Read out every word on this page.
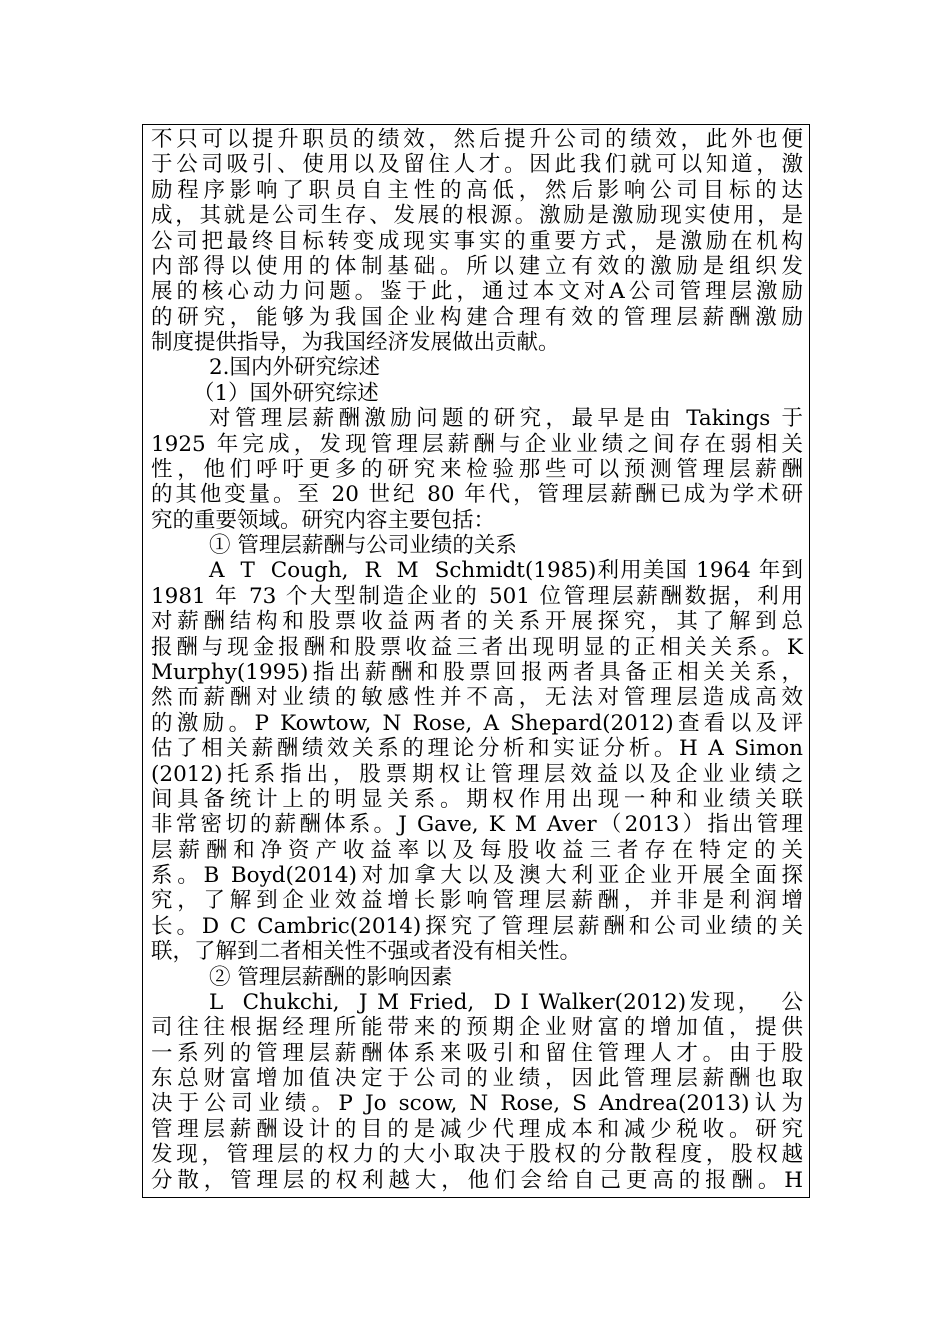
不只可以提升职员的绩效，然后提升公司的绩效，此外也便
于公司吸引、使用以及留住人才。因此我们就可以知道，激
励程序影响了职员自主性的高低，然后影响公司目标的达
成，其就是公司生存、发展的根源。激励是激励现实使用，是
公司把最终目标转变成现实事实的重要方式，是激励在机构
内部得以使用的体制基础。所以建立有效的激励是组织发
展的核心动力问题。鉴于此，通过本文对A公司管理层激励
的研究，能够为我国企业构建合理有效的管理层薪酬激励
制度提供指导，为我国经济发展做出贡献。
2.国内外研究综述
（1）国外研究综述
对管理层薪酬激励问题的研究，最早是由 Takings 于
1925 年完成，发现管理层薪酬与企业业绩之间存在弱相关
性，他们呼吁更多的研究来检验那些可以预测管理层薪酬
的其他变量。至 20 世纪 80 年代，管理层薪酬已成为学术研
究的重要领域。研究内容主要包括：
① 管理层薪酬与公司业绩的关系
A  T  Cough,  R  M  Schmidt(1985)利用美国 1964 年到
1981 年 73 个大型制造企业的 501 位管理层薪酬数据，利用
对薪酬结构和股票收益两者的关系开展探究，其了解到总
报酬与现金报酬和股票收益三者出现明显的正相关关系。K
Murphy(1995)指出薪酬和股票回报两者具备正相关关系，
然而薪酬对业绩的敏感性并不高，无法对管理层造成高效
的激励。P Kowtow, N Rose, A Shepard(2012)查看以及评
估了相关薪酬绩效关系的理论分析和实证分析。H A Simon
(2012)托系指出，股票期权让管理层效益以及企业业绩之
间具备统计上的明显关系。期权作用出现一种和业绩关联
非常密切的薪酬体系。J Gave, K M Aver（2013）指出管理
层薪酬和净资产收益率以及每股收益三者存在特定的关
系。B Boyd(2014)对加拿大以及澳大利亚企业开展全面探
究，了解到企业效益增长影响管理层薪酬，并非是利润增
长。D C Cambric(2014)探究了管理层薪酬和公司业绩的关
联，了解到二者相关性不强或者没有相关性。
② 管理层薪酬的影响因素
L  Chukchi,  J M Fried,  D I Walker(2012)发现，  公
司往往根据经理所能带来的预期企业财富的增加值，提供
一系列的管理层薪酬体系来吸引和留住管理人才。由于股
东总财富增加值决定于公司的业绩，因此管理层薪酬也取
决于公司业绩。P Jo scow, N Rose, S Andrea(2013)认为
管理层薪酬设计的目的是减少代理成本和减少税收。研究
发现，管理层的权力的大小取决于股权的分散程度，股权越
分散，管理层的权利越大，他们会给自己更高的报酬。H
